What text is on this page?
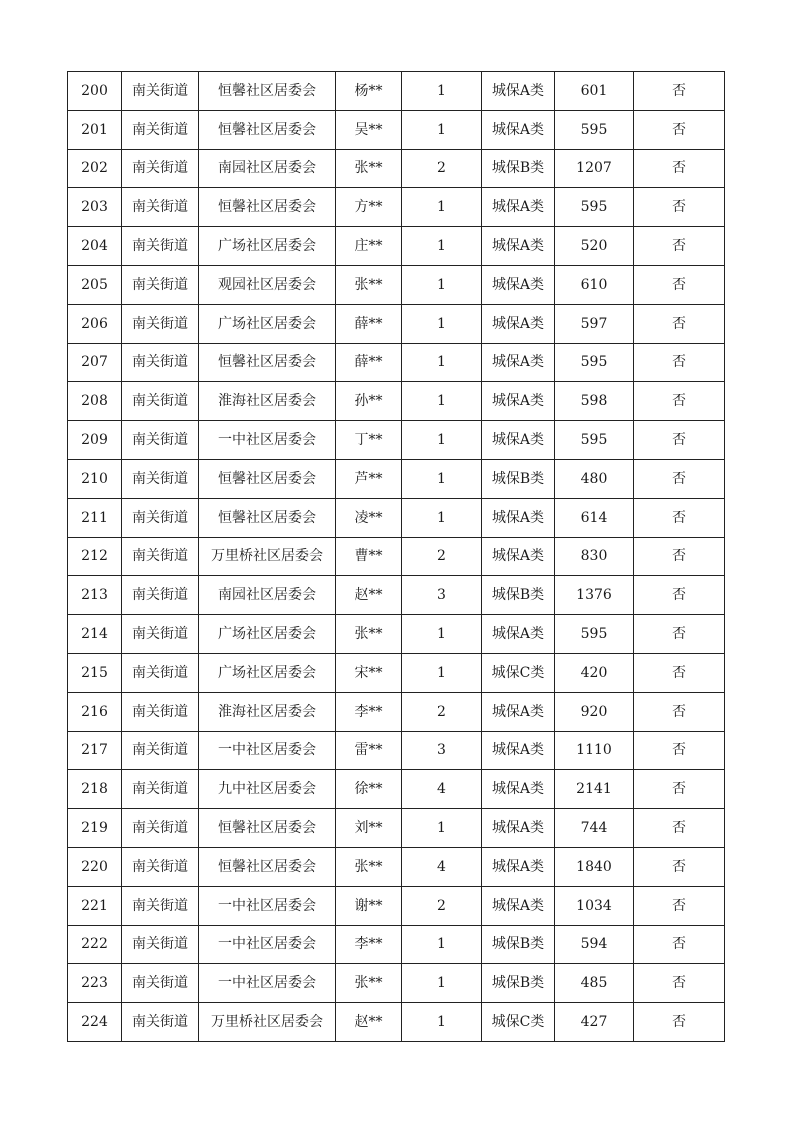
200	南关街道	恒馨社区居委会	杨**	1	城保A类	601	否
201	南关街道	恒馨社区居委会	吴**	1	城保A类	595	否
202	南关街道	南园社区居委会	张**	2	城保B类	1207	否
203	南关街道	恒馨社区居委会	方**	1	城保A类	595	否
204	南关街道	广场社区居委会	庄**	1	城保A类	520	否
205	南关街道	观园社区居委会	张**	1	城保A类	610	否
206	南关街道	广场社区居委会	薛**	1	城保A类	597	否
207	南关街道	恒馨社区居委会	薛**	1	城保A类	595	否
208	南关街道	淮海社区居委会	孙**	1	城保A类	598	否
209	南关街道	一中社区居委会	丁**	1	城保A类	595	否
210	南关街道	恒馨社区居委会	芦**	1	城保B类	480	否
211	南关街道	恒馨社区居委会	凌**	1	城保A类	614	否
212	南关街道	万里桥社区居委会	曹**	2	城保A类	830	否
213	南关街道	南园社区居委会	赵**	3	城保B类	1376	否
214	南关街道	广场社区居委会	张**	1	城保A类	595	否
215	南关街道	广场社区居委会	宋**	1	城保C类	420	否
216	南关街道	淮海社区居委会	李**	2	城保A类	920	否
217	南关街道	一中社区居委会	雷**	3	城保A类	1110	否
218	南关街道	九中社区居委会	徐**	4	城保A类	2141	否
219	南关街道	恒馨社区居委会	刘**	1	城保A类	744	否
220	南关街道	恒馨社区居委会	张**	4	城保A类	1840	否
221	南关街道	一中社区居委会	谢**	2	城保A类	1034	否
222	南关街道	一中社区居委会	李**	1	城保B类	594	否
223	南关街道	一中社区居委会	张**	1	城保B类	485	否
224	南关街道	万里桥社区居委会	赵**	1	城保C类	427	否
